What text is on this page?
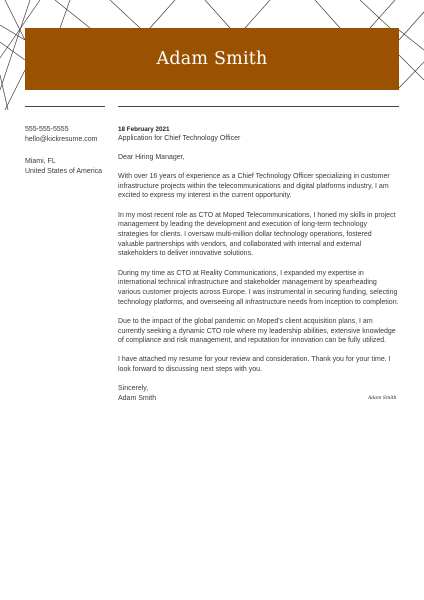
Adam Smith
555-555-5555
hello@kickresume.com
Miami, FL
United States of America
18 February 2021
Application for Chief Technology Officer

Dear Hiring Manager,

With over 16 years of experience as a Chief Technology Officer specializing in customer infrastructure projects within the telecommunications and digital platforms industry, I am excited to express my interest in the current opportunity.

In my most recent role as CTO at Moped Telecommunications, I honed my skills in project management by leading the development and execution of long-term technology strategies for clients. I oversaw multi-million dollar technology operations, fostered valuable partnerships with vendors, and collaborated with internal and external stakeholders to deliver innovative solutions.

During my time as CTO at Reality Communications, I expanded my expertise in international technical infrastructure and stakeholder management by spearheading various customer projects across Europe. I was instrumental in securing funding, selecting technology platforms, and overseeing all infrastructure needs from inception to completion.

Due to the impact of the global pandemic on Moped's client acquisition plans, I am currently seeking a dynamic CTO role where my leadership abilities, extensive knowledge of compliance and risk management, and reputation for innovation can be fully utilized.

I have attached my resume for your review and consideration. Thank you for your time. I look forward to discussing next steps with you.

Sincerely,
Adam Smith	Adam Smith
